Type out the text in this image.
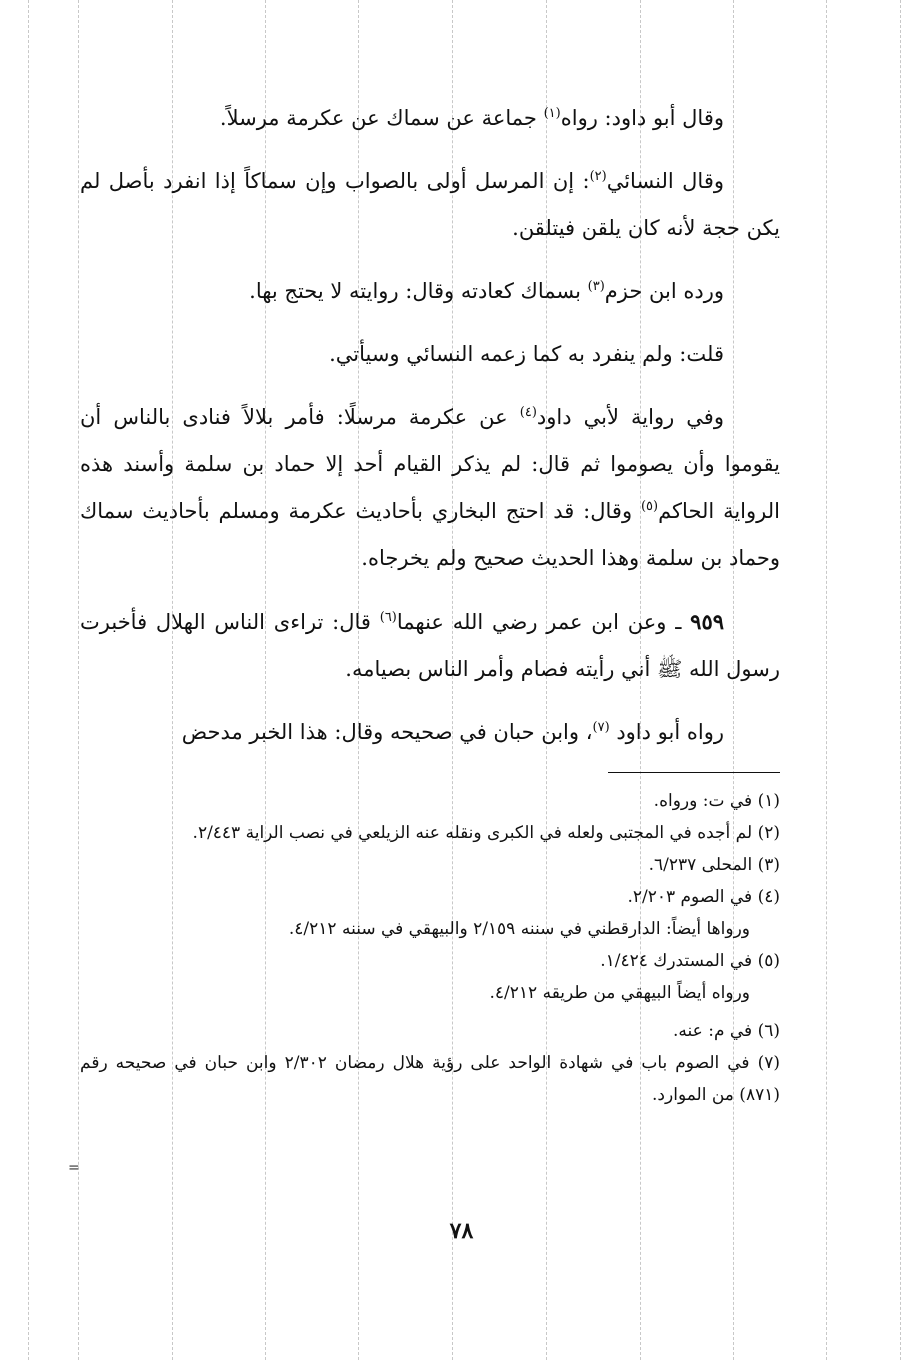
وقال أبو داود: رواه$^{(١)}$ جماعة عن سماك عن عكرمة مرسلاً.

وقال النسائي$^{(٢)}$: إن المرسل أولى بالصواب وإن سماكاً إذا انفرد بأصل لم يكن حجة لأنه كان يلقن فيتلقن.

ورده ابن حزم$^{(٣)}$ بسماك كعادته وقال: روايته لا يحتج بها.

قلت: ولم ينفرد به كما زعمه النسائي وسيأتي.

وفي رواية لأبي داود$^{(٤)}$ عن عكرمة مرسلًا: فأمر بلالاً فنادى بالناس أن يقوموا وأن يصوموا ثم قال: لم يذكر القيام أحد إلا حماد بن سلمة وأسند هذه الرواية الحاكم$^{(٥)}$ وقال: قد احتج البخاري بأحاديث عكرمة ومسلم بأحاديث سماك وحماد بن سلمة وهذا الحديث صحيح ولم يخرجاه.

٩٥٩ ـ وعن ابن عمر رضي الله عنهما$^{(٦)}$ قال: تراءى الناس الهلال فأخبرت رسول الله ﷺ أني رأيته فصام وأمر الناس بصيامه.

رواه أبو داود $^{(٧)}$، وابن حبان في صحيحه وقال: هذا الخبر مدحض

(١) في ت: ورواه.

(٢) لم أجده في المجتبى ولعله في الكبرى ونقله عنه الزيلعي في نصب الراية ٢/٤٤٣.

(٣) المحلى ٦/٢٣٧.

(٤) في الصوم ٢/٢٠٣.

ورواها أيضاً: الدارقطني في سننه ٢/١٥٩ والبيهقي في سننه ٤/٢١٢.

(٥) في المستدرك ١/٤٢٤.

ورواه أيضاً البيهقي من طريقه ٤/٢١٢.

(٦) في م: عنه.

(٧) في الصوم باب في شهادة الواحد على رؤية هلال رمضان ٢/٣٠٢ وابن حبان في صحيحه رقم (٨٧١) من الموارد.

=
٧٨
